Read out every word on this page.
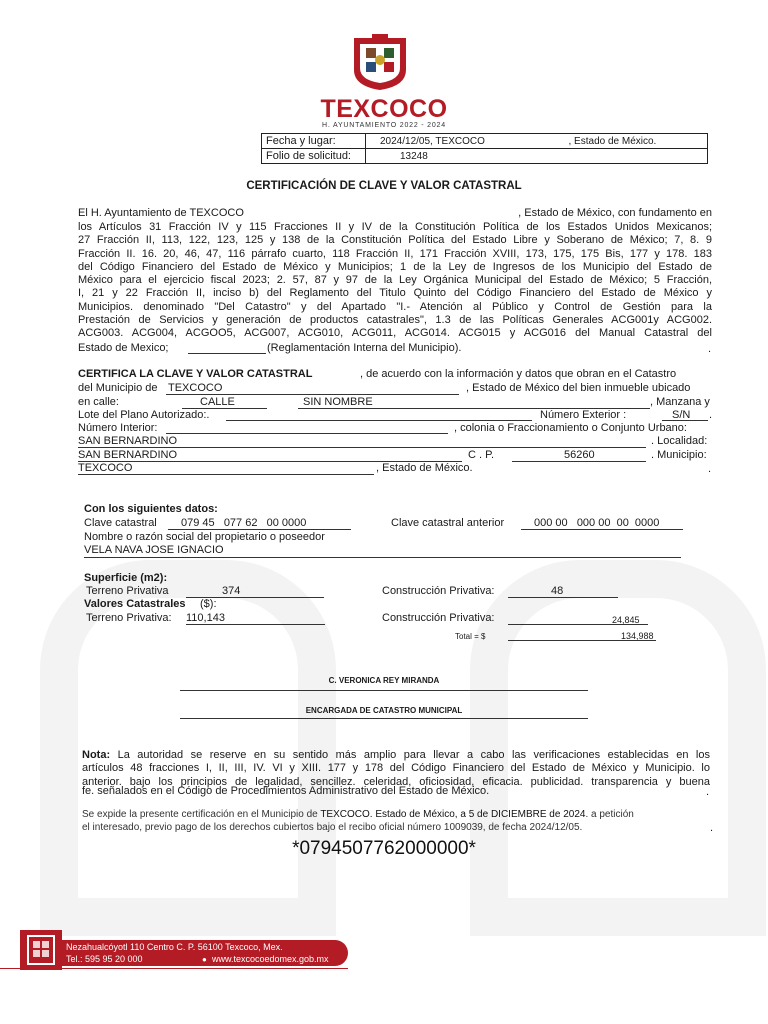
TEXCOCO
H. AYUNTAMIENTO 2022 - 2024
Fecha y lugar:	2024/12/05, TEXCOCO , Estado de México.

Folio de solicitud:	13248
CERTIFICACIÓN DE CLAVE Y VALOR CATASTRAL
El H. Ayuntamiento de TEXCOCO	, Estado de México, con fundamento en
los Artículos 31 Fracción IV y 115 Fracciones II y IV de la Constitución Política de los Estados Unidos Mexicanos;
27 Fracción II, 113, 122, 123, 125 y 138 de la Constitución Política del Estado Libre y Soberano de México; 7, 8. 9
Fracción II. 16. 20, 46, 47, 116 párrafo cuarto, 118 Fracción II, 171 Fracción XVIII, 173, 175, 175 Bis, 177 y 178. 183
del Código Financiero del Estado de México y Municipios; 1 de la Ley de Ingresos de los Municipio del Estado de
México para el ejercicio fiscal 2023; 2. 57, 87 y 97 de la Ley Orgánica Municipal del Estado de México; 5 Fracción,
I, 21 y 22 Fracción II, inciso b) del Reglamento del Titulo Quinto del Código Financiero del Estado de México y
Municipios. denominado "Del Catastro" y del Apartado "I.- Atención al Público y Control de Gestión para la
Prestación de Servicios y generación de productos catastrales", 1.3 de las Políticas Generales ACG001y ACG002.
ACG003. ACG004, ACGOO5, ACG007, ACG010, ACG011, ACG014. ACG015 y ACG016 del Manual Catastral del
Estado de Mexico;	(Reglamentación Interna del Municipio).	.
CERTIFICA LA CLAVE Y VALOR CATASTRAL	, de acuerdo con la información y datos que obran en el Catastro
del Municipio de TEXCOCO	, Estado de México del bien inmueble ubicado
en calle:	CALLE	SIN NOMBRE	, Manzana y
Lote del Plano Autorizado:.	Número Exterior :	S/N .
Número Interior:	, colonia o Fraccionamiento o Conjunto Urbano:
SAN BERNARDINO	. Localidad:
SAN BERNARDINO	C . P.	56260	. Municipio:
TEXCOCO	, Estado de México.	.
Con los siguientes datos:
Clave catastral 079 45   077 62   00 0000	Clave catastral anterior	000 00   000 00  00  0000
Nombre o razón social del propietario o poseedor
VELA NAVA JOSE IGNACIO
Superficie (m2):
Terreno Privativa	374	Construcción Privativa:	48
Valores Catastrales ($):
Terreno Privativa: 110,143	Construcción Privativa:	24,845
Total = $	134,988
C. VERONICA REY MIRANDA
ENCARGADA DE CATASTRO MUNICIPAL
Nota: La autoridad se reserve en su sentido más amplio para llevar a cabo las verificaciones establecidas en los
artículos 48 fracciones I, II, III, IV. VI y XIII. 177 y 178 del Código Financiero del Estado de México y Municipio. lo
anterior. bajo los principios de legalidad, sencillez. celeridad, oficiosidad, eficacia. publicidad. transparencia y buena
fe. señalados en el Código de Procedimientos Administrativo del Estado de México.	.
Se expide la presente certificación en el Municipio de TEXCOCO. Estado de México, a 5 de DICIEMBRE de 2024. a petición
el interesado, previo pago de los derechos cubiertos bajo el recibo oficial número 1009039, de fecha 2024/12/05.	.
*0794507762000000*
Nezahualcóyotl 110 Centro C. P. 56100 Texcoco, Mex.
Tel.: 595 95 20 000	● www.texcocoedomex.gob.mx
